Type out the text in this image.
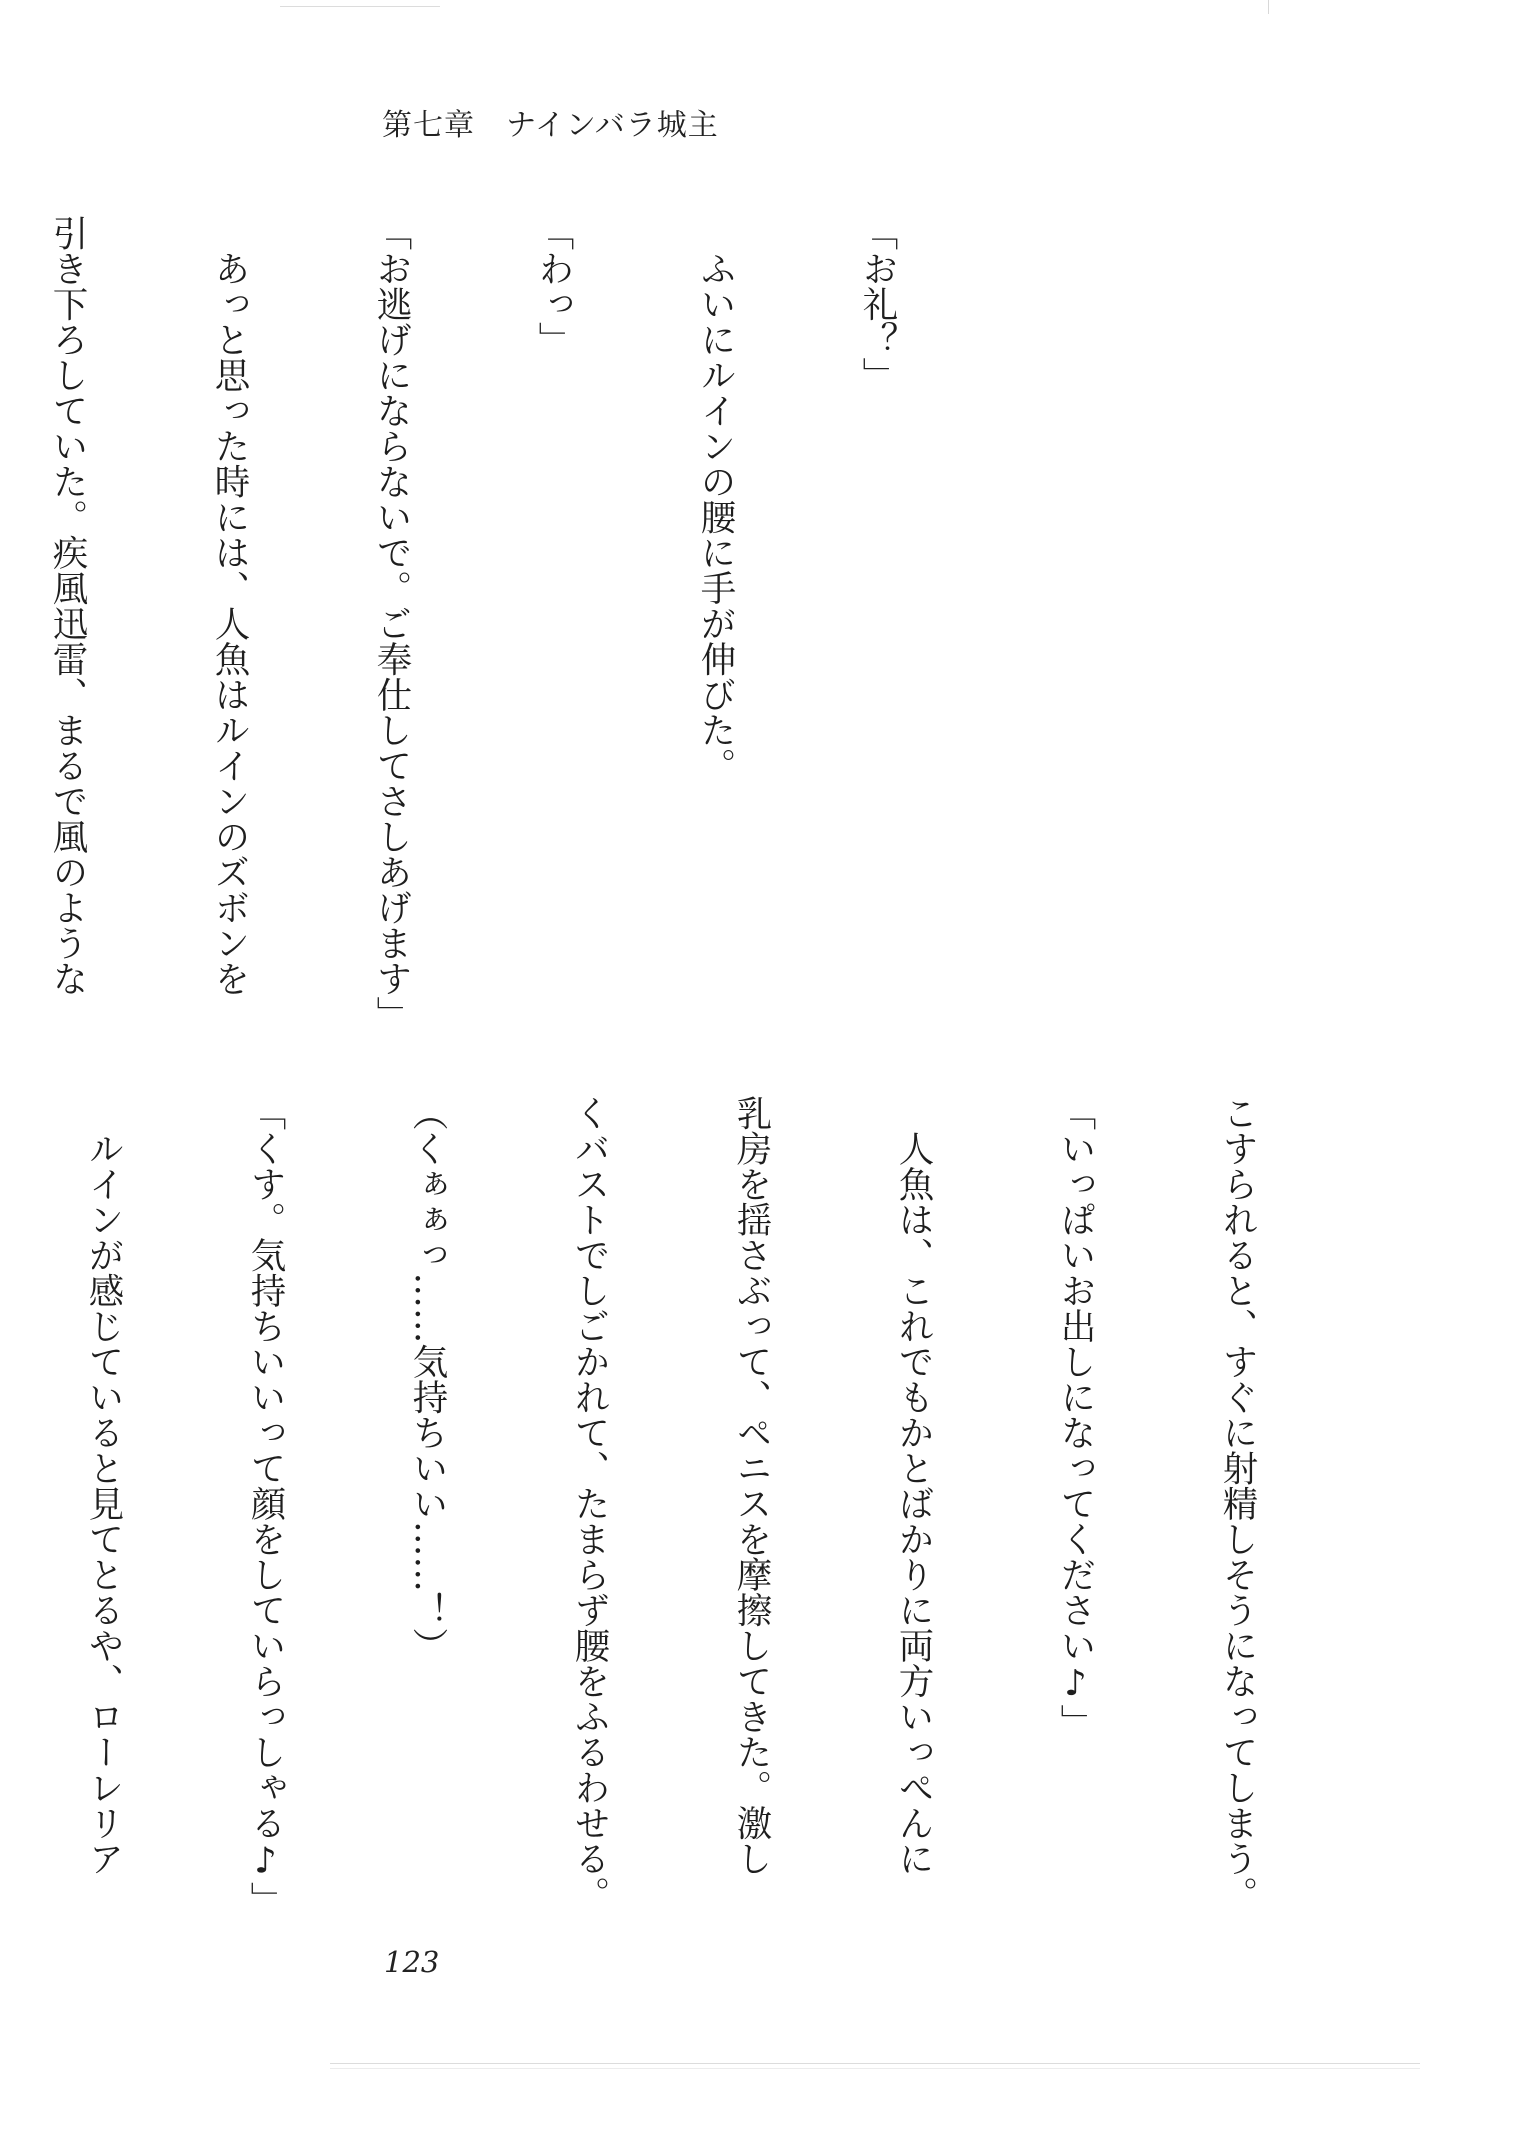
第七章　ナインバラ城主

「お礼？」

　ふいにルインの腰に手が伸びた。

「わっ」

「お逃げにならないで。ご奉仕してさしあげます」

　あっと思った時には、人魚はルインのズボンを

引き下ろしていた。疾風迅雷、まるで風のような

こすられると、すぐに射精しそうになってしまう。

「いっぱいお出しになってください♪」

　人魚は、これでもかとばかりに両方いっぺんに

乳房を揺さぶって、ペニスを摩擦してきた。激し

くバストでしごかれて、たまらず腰をふるわせる。

（くぁぁっ……気持ちいい……！）

「くす。気持ちいいって顔をしていらっしゃる♪」

　ルインが感じていると見てとるや、ローレリア

123
